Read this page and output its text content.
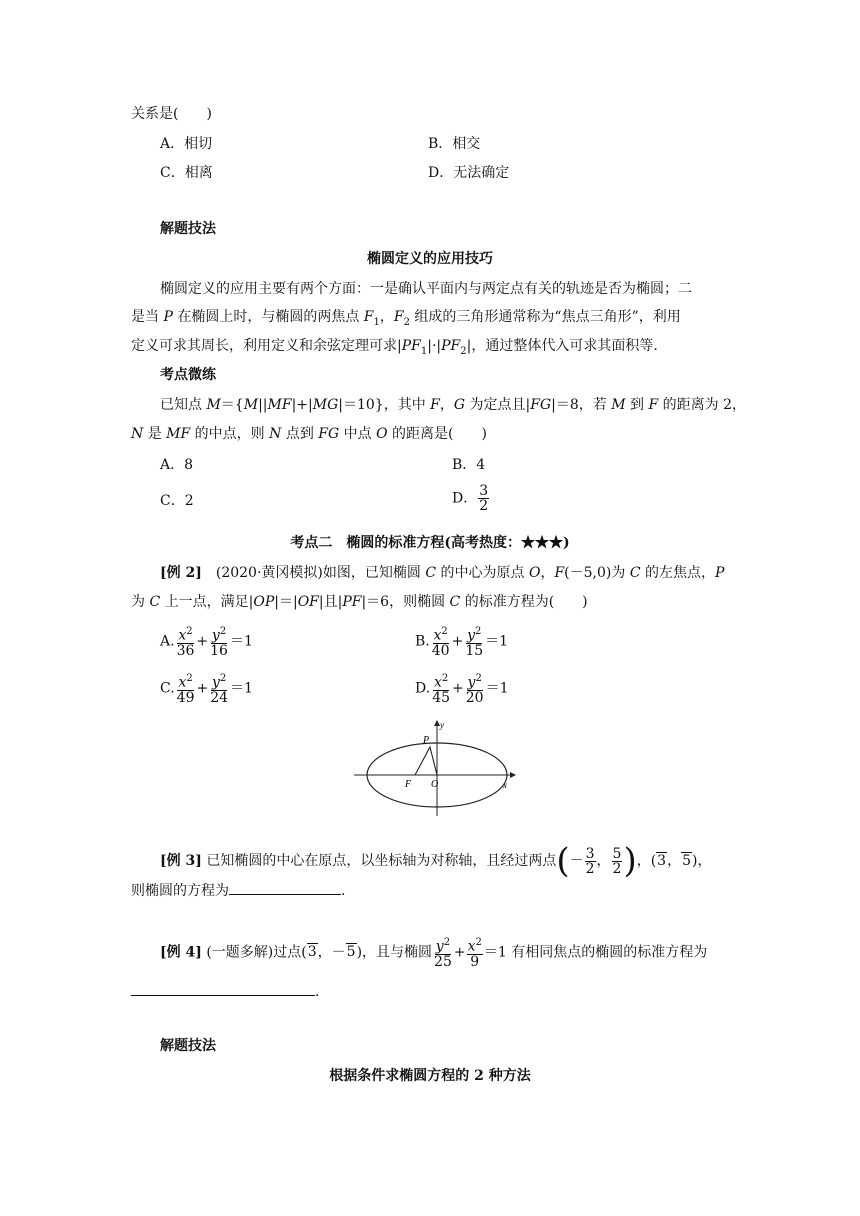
关系是(　　)
A．相切	B．相交
C．相离	D．无法确定
解题技法
椭圆定义的应用技巧
椭圆定义的应用主要有两个方面：一是确认平面内与两定点有关的轨迹是否为椭圆；二
是当 P 在椭圆上时，与椭圆的两焦点 $F_1$，$F_2$ 组成的三角形通常称为“焦点三角形”，利用
定义可求其周长，利用定义和余弦定理可求$|PF_1|\cdot|PF_2|$，通过整体代入可求其面积等.
考点微练
已知点 M＝{M||MF|+|MG|＝10}，其中 F，G 为定点且|FG|＝8，若 M 到 F 的距离为 2，
N 是 MF 的中点，则 N 点到 FG 中点 O 的距离是(　　)
A．8	B．4
C．2	D． $\frac{3}{2}$
考点二　椭圆的标准方程(高考热度：★★★)
[例 2]　 (2020·黄冈模拟)如图，已知椭圆 C 的中心为原点 O，F(－5,0)为 C 的左焦点，P
为 C 上一点，满足|OP|＝|OF|且|PF|＝6，则椭圆 C 的标准方程为(　　)
A. $\frac{x^2}{36} + \frac{y^2}{16} =1$	B. $\frac{x^2}{40} + \frac{y^2}{15} =1$
C. $\frac{x^2}{49} + \frac{y^2}{24} =1$	D. $\frac{x^2}{45} + \frac{y^2}{20} =1$
P
F O	x
y
[例 3] 已知椭圆的中心在原点，以坐标轴为对称轴，且经过两点(－ $\frac{3}{2}$ ， $\frac{5}{2}$ )，(3，5)，
则椭圆的方程为	.
[例 4] (一题多解)过点(3，－5)，且与椭圆 $\frac{y^2}{25} + \frac{x^2}{9} =1$ 有相同焦点的椭圆的标准方程为
.
解题技法
根据条件求椭圆方程的 2 种方法
